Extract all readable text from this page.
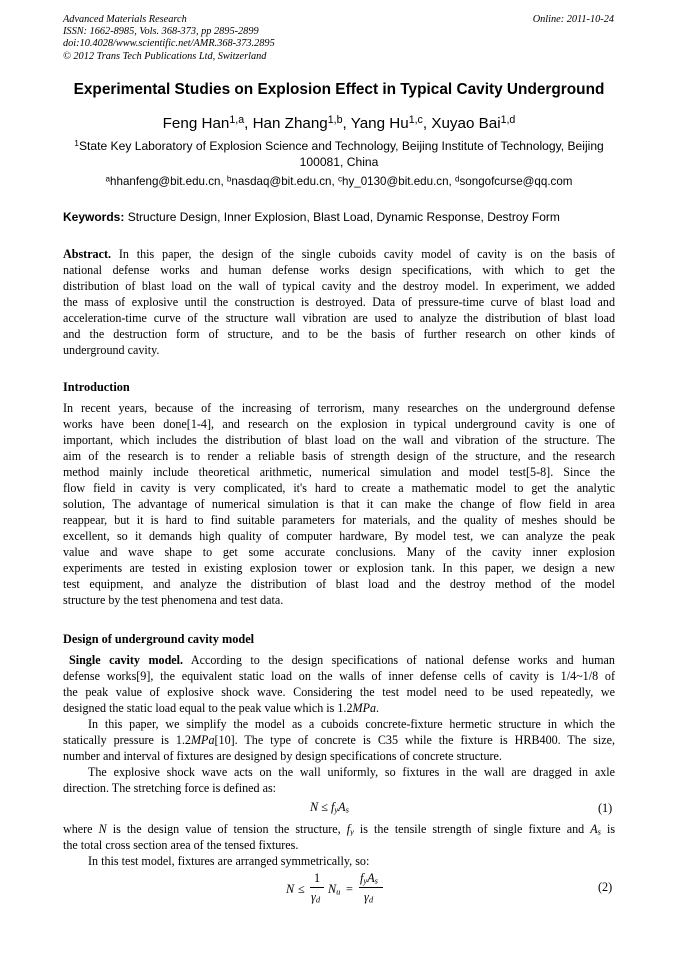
Advanced Materials Research
ISSN: 1662-8985, Vols. 368-373, pp 2895-2899
doi:10.4028/www.scientific.net/AMR.368-373.2895
© 2012 Trans Tech Publications Ltd, Switzerland
Online: 2011-10-24
Experimental Studies on Explosion Effect in Typical Cavity Underground
Feng Han$^{1,a}$, Han Zhang$^{1,b}$, Yang Hu$^{1,c}$, Xuyao Bai$^{1,d}$
$^1$State Key Laboratory of Explosion Science and Technology, Beijing Institute of Technology, Beijing 100081, China
$^a$hhanfeng@bit.edu.cn, $^b$nasdaq@bit.edu.cn, $^c$hy_0130@bit.edu.cn, $^d$songofcurse@qq.com
Keywords: Structure Design, Inner Explosion, Blast Load, Dynamic Response, Destroy Form
Abstract. In this paper, the design of the single cuboids cavity model of cavity is on the basis of
national defense works and human defense works design specifications, with which to get the
distribution of blast load on the wall of typical cavity and the destroy model. In experiment, we added
the mass of explosive until the construction is destroyed. Data of pressure-time curve of blast load and
acceleration-time curve of the structure wall vibration are used to analyze the distribution of blast load
and the destruction form of structure, and to be the basis of further research on other kinds of
underground cavity.
Introduction
In recent years, because of the increasing of terrorism, many researches on the underground defense
works have been done[1-4], and research on the explosion in typical underground cavity is one of
important, which includes the distribution of blast load on the wall and vibration of the structure. The
aim of the research is to render a reliable basis of strength design of the structure, and the research
method mainly include theoretical arithmetic, numerical simulation and model test[5-8]. Since the
flow field in cavity is very complicated, it's hard to create a mathematic model to get the analytic
solution, The advantage of numerical simulation is that it can make the change of flow field in area
reappear, but it is hard to find suitable parameters for materials, and the quality of meshes should be
excellent, so it demands high quality of computer hardware, By model test, we can analyze the peak
value and wave shape to get some accurate conclusions. Many of the cavity inner explosion
experiments are tested in existing explosion tower or explosion tank. In this paper, we design a new
test equipment, and analyze the distribution of blast load and the destroy method of the model
structure by the test phenomena and test data.
Design of underground cavity model
Single cavity model. According to the design specifications of national defense works and human
defense works[9], the equivalent static load on the walls of inner defense cells of cavity is 1/4~1/8 of
the peak value of explosive shock wave. Considering the test model need to be used repeatedly, we
designed the static load equal to the peak value which is 1.2MPa.
In this paper, we simplify the model as a cuboids concrete-fixture hermetic structure in which the
statically pressure is 1.2MPa[10]. The type of concrete is C35 while the fixture is HRB400. The size,
number and interval of fixtures are designed by design specifications of concrete structure.
The explosive shock wave acts on the wall uniformly, so fixtures in the wall are dragged in axle
direction. The stretching force is defined as:
$N \le f_yA_s$	(1)
where N is the design value of tension the structure, $f_y$ is the tensile strength of single fixture and $A_s$ is
the total cross section area of the tensed fixtures.
In this test model, fixtures are arranged symmetrically, so:
N ≤
1
$\gamma_d$
$N_u$ =
$f_yA_s$
$\gamma_d$
(2)
